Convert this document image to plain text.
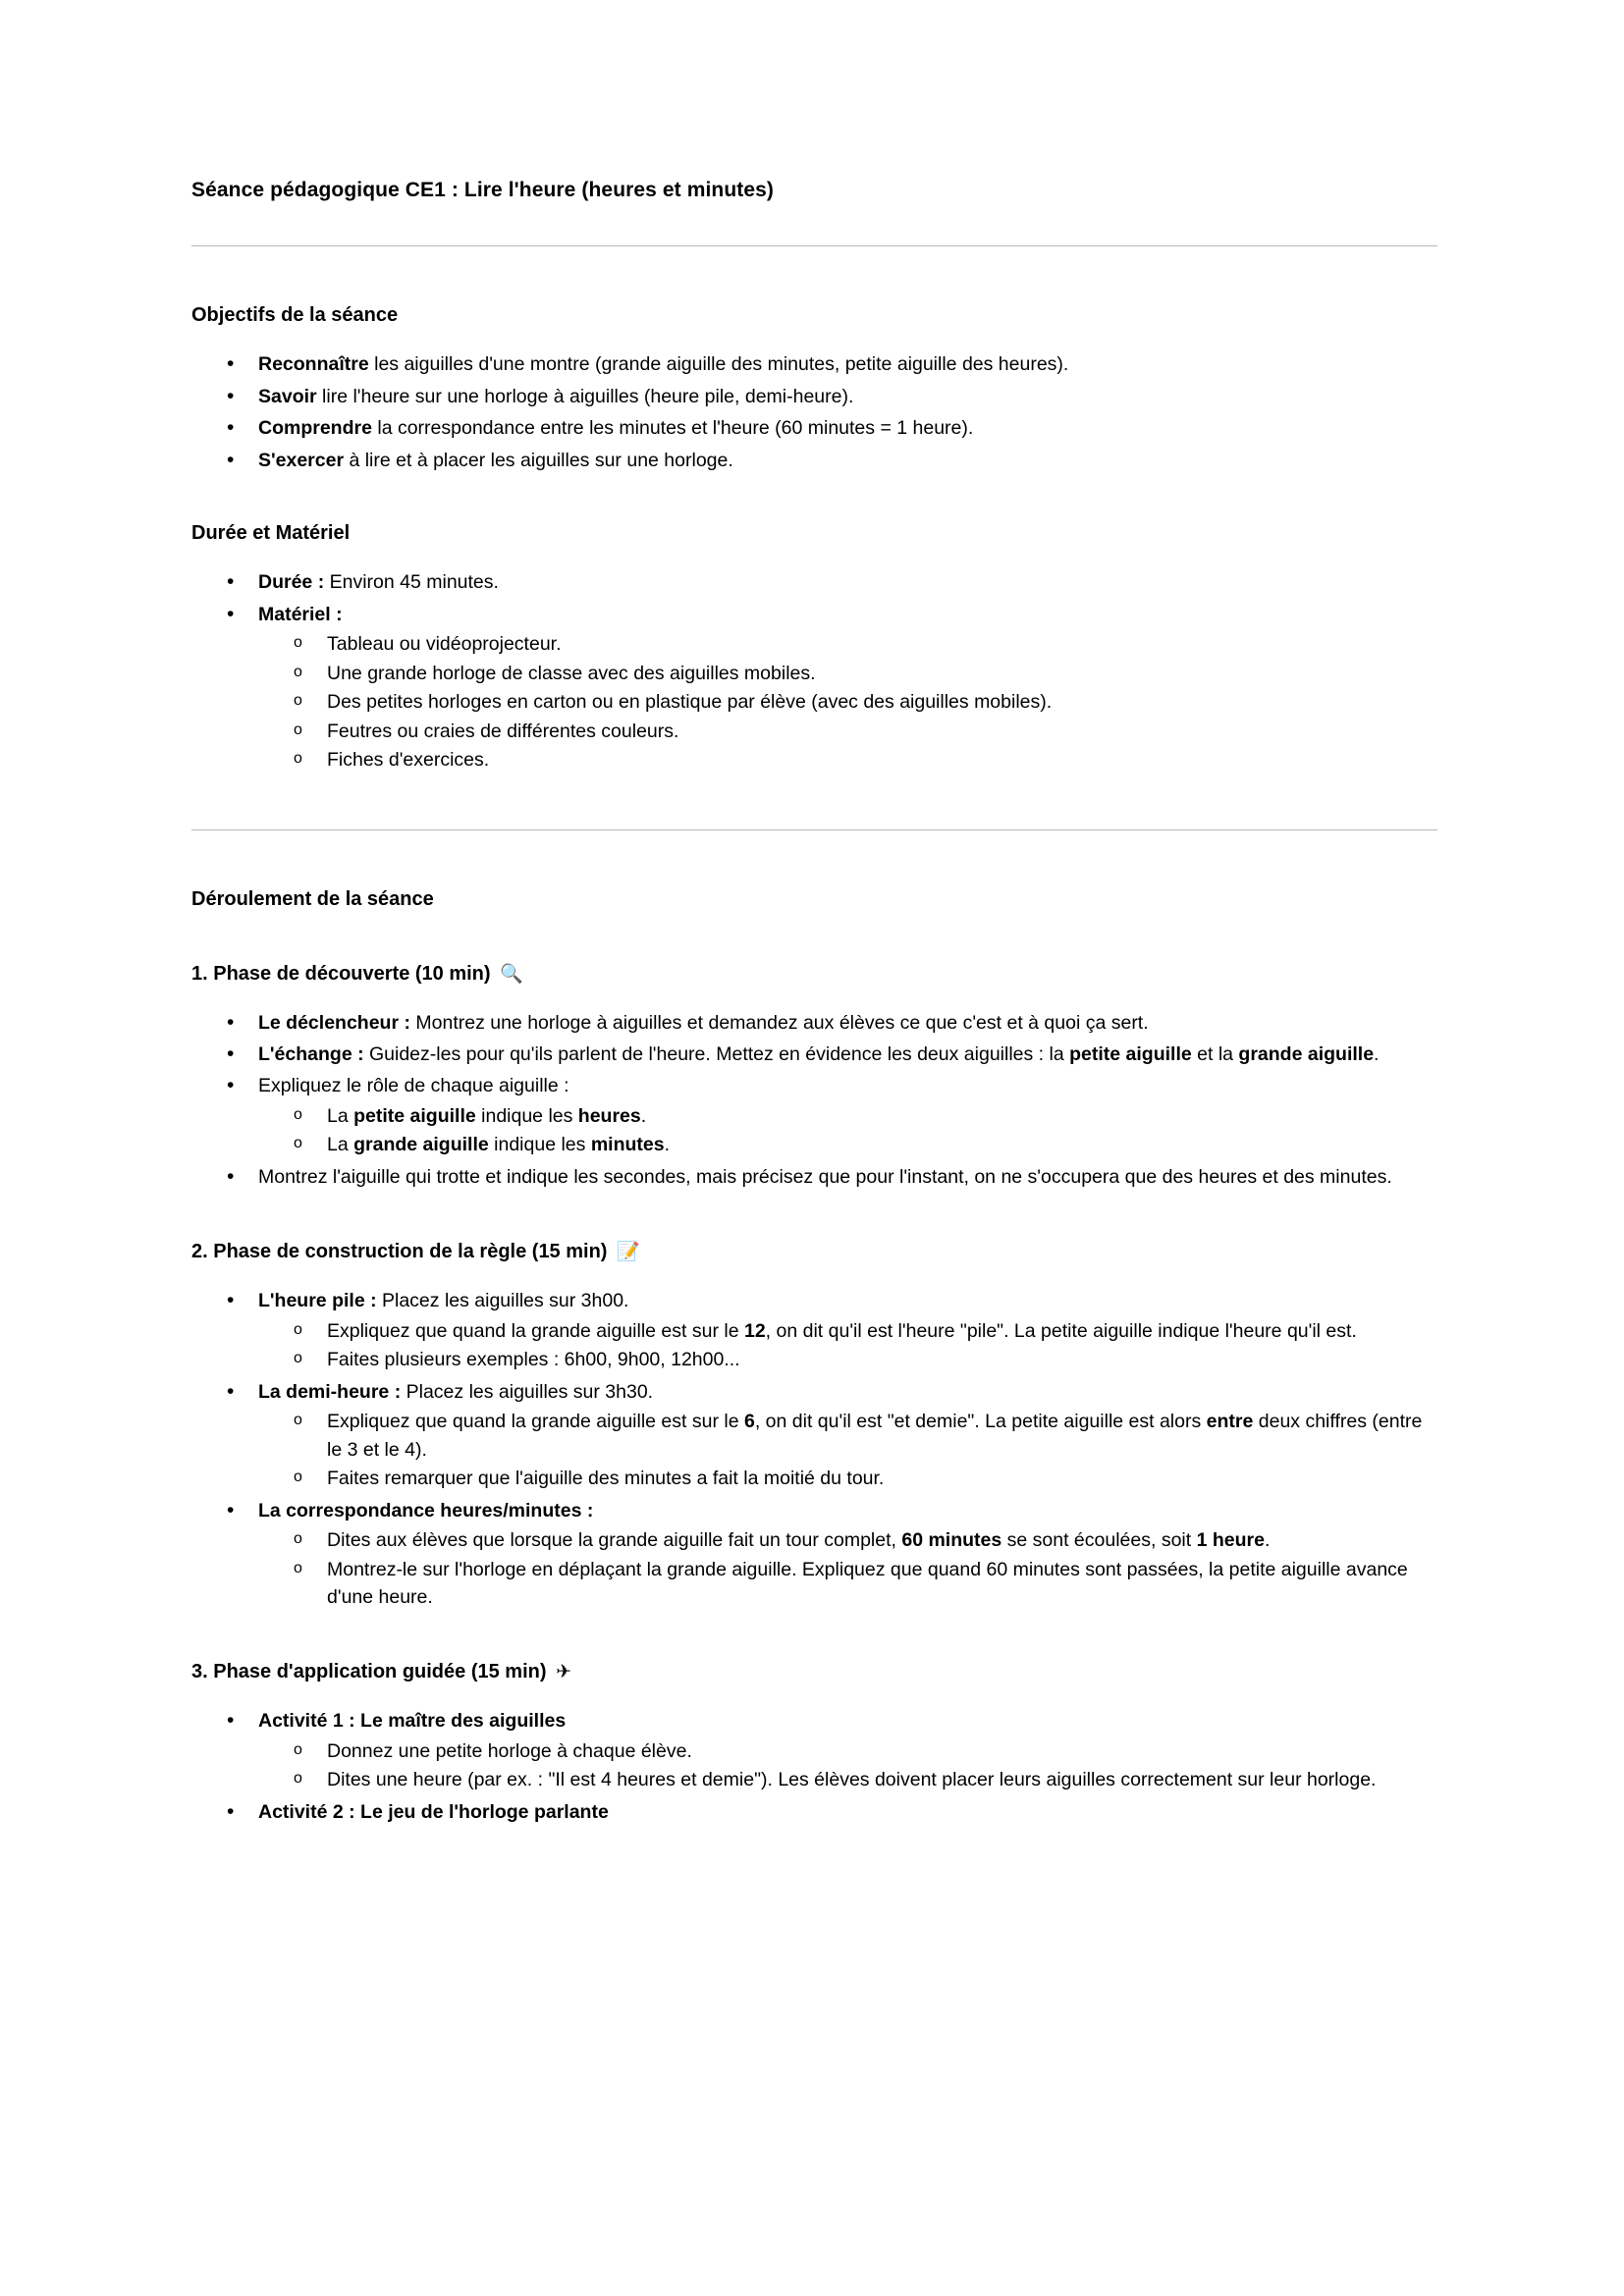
Séance pédagogique CE1 : Lire l'heure (heures et minutes)
Objectifs de la séance
• Reconnaître les aiguilles d'une montre (grande aiguille des minutes, petite aiguille des heures).
• Savoir lire l'heure sur une horloge à aiguilles (heure pile, demi-heure).
• Comprendre la correspondance entre les minutes et l'heure (60 minutes = 1 heure).
• S'exercer à lire et à placer les aiguilles sur une horloge.
Durée et Matériel
• Durée : Environ 45 minutes.
• Matériel :
o Tableau ou vidéoprojecteur.
o Une grande horloge de classe avec des aiguilles mobiles.
o Des petites horloges en carton ou en plastique par élève (avec des aiguilles mobiles).
o Feutres ou craies de différentes couleurs.
o Fiches d'exercices.
Déroulement de la séance
1. Phase de découverte (10 min) 🔍
• Le déclencheur : Montrez une horloge à aiguilles et demandez aux élèves ce que c'est et à quoi ça sert.
• L'échange : Guidez-les pour qu'ils parlent de l'heure. Mettez en évidence les deux aiguilles : la petite aiguille et la grande aiguille.
• Expliquez le rôle de chaque aiguille :
o La petite aiguille indique les heures.
o La grande aiguille indique les minutes.
• Montrez l'aiguille qui trotte et indique les secondes, mais précisez que pour l'instant, on ne s'occupera que des heures et des minutes.
2. Phase de construction de la règle (15 min) 📝
• L'heure pile : Placez les aiguilles sur 3h00.
o Expliquez que quand la grande aiguille est sur le 12, on dit qu'il est l'heure "pile". La petite aiguille indique l'heure qu'il est.
o Faites plusieurs exemples : 6h00, 9h00, 12h00...
• La demi-heure : Placez les aiguilles sur 3h30.
o Expliquez que quand la grande aiguille est sur le 6, on dit qu'il est "et demie". La petite aiguille est alors entre deux chiffres (entre le 3 et le 4).
o Faites remarquer que l'aiguille des minutes a fait la moitié du tour.
• La correspondance heures/minutes :
o Dites aux élèves que lorsque la grande aiguille fait un tour complet, 60 minutes se sont écoulées, soit 1 heure.
o Montrez-le sur l'horloge en déplaçant la grande aiguille. Expliquez que quand 60 minutes sont passées, la petite aiguille avance d'une heure.
3. Phase d'application guidée (15 min) ✈
• Activité 1 : Le maître des aiguilles
o Donnez une petite horloge à chaque élève.
o Dites une heure (par ex. : "Il est 4 heures et demie"). Les élèves doivent placer leurs aiguilles correctement sur leur horloge.
• Activité 2 : Le jeu de l'horloge parlante
